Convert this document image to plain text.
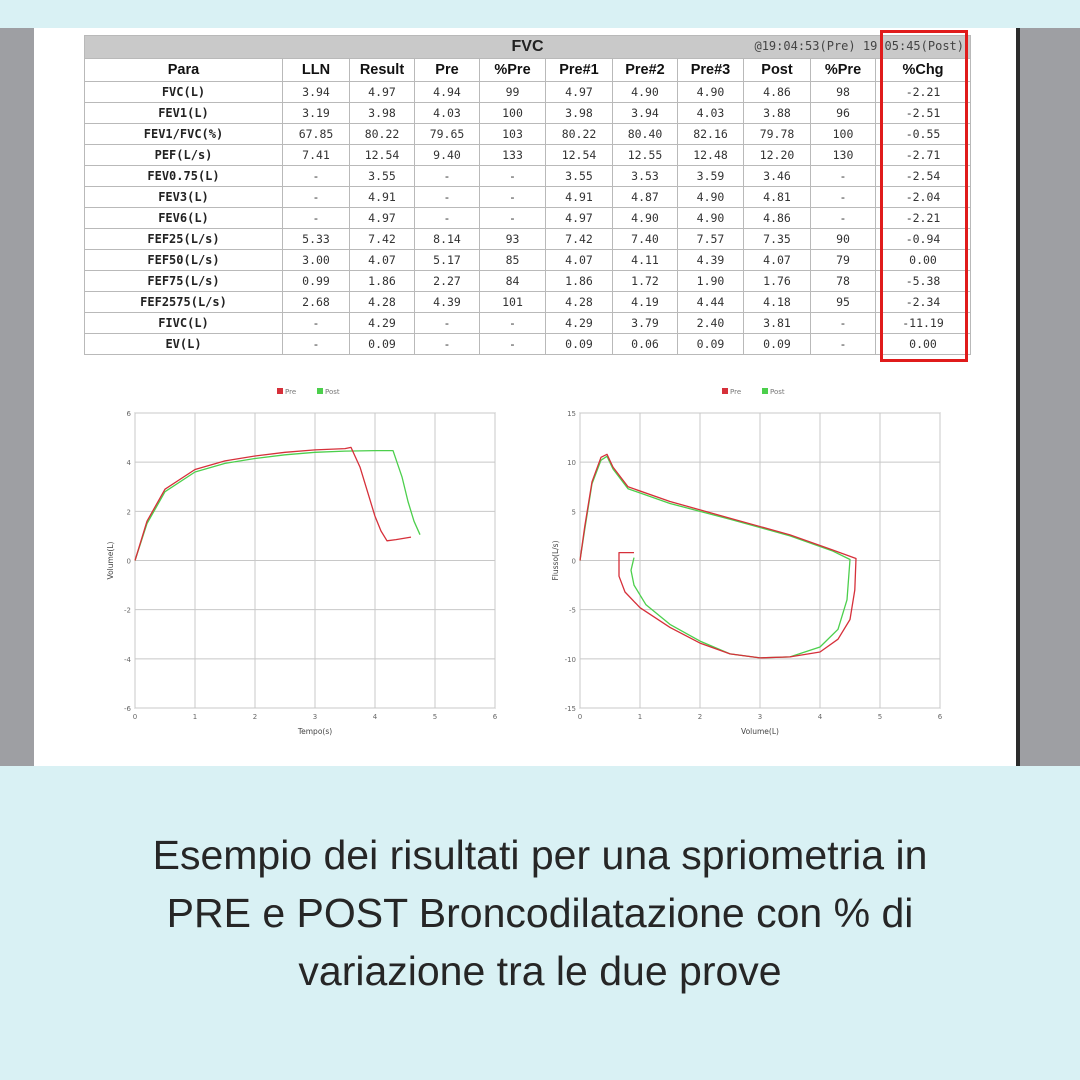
FVC @19:04:53(Pre) 19:05:45(Post)										

Para	LLN	Result	Pre	%Pre	Pre#1	Pre#2	Pre#3	Post	%Pre	%Chg
FVC(L)	3.94	4.97	4.94	99	4.97	4.90	4.90	4.86	98	-2.21
FEV1(L)	3.19	3.98	4.03	100	3.98	3.94	4.03	3.88	96	-2.51
FEV1/FVC(%)	67.85	80.22	79.65	103	80.22	80.40	82.16	79.78	100	-0.55
PEF(L/s)	7.41	12.54	9.40	133	12.54	12.55	12.48	12.20	130	-2.71
FEV0.75(L)	-	3.55	-	-	3.55	3.53	3.59	3.46	-	-2.54
FEV3(L)	-	4.91	-	-	4.91	4.87	4.90	4.81	-	-2.04
FEV6(L)	-	4.97	-	-	4.97	4.90	4.90	4.86	-	-2.21
FEF25(L/s)	5.33	7.42	8.14	93	7.42	7.40	7.57	7.35	90	-0.94
FEF50(L/s)	3.00	4.07	5.17	85	4.07	4.11	4.39	4.07	79	0.00
FEF75(L/s)	0.99	1.86	2.27	84	1.86	1.72	1.90	1.76	78	-5.38
FEF2575(L/s)	2.68	4.28	4.39	101	4.28	4.19	4.44	4.18	95	-2.34
FIVC(L)	-	4.29	-	-	4.29	3.79	2.40	3.81	-	-11.19
EV(L)	-	0.09	-	-	0.09	0.06	0.09	0.09	-	0.00
0	1	2	3	4	5	6
6
4
2
0
-2
-4
-6
Tempo(s)
Volume(L)
Pre	Post
0	1	2	3	4	5	6
15
10
5
0
-5
-10
-15
Volume(L)
Flusso(L/s)
Pre	Post
Esempio dei risultati per una spriometria in
PRE e POST Broncodilatazione con % di
variazione tra le due prove
